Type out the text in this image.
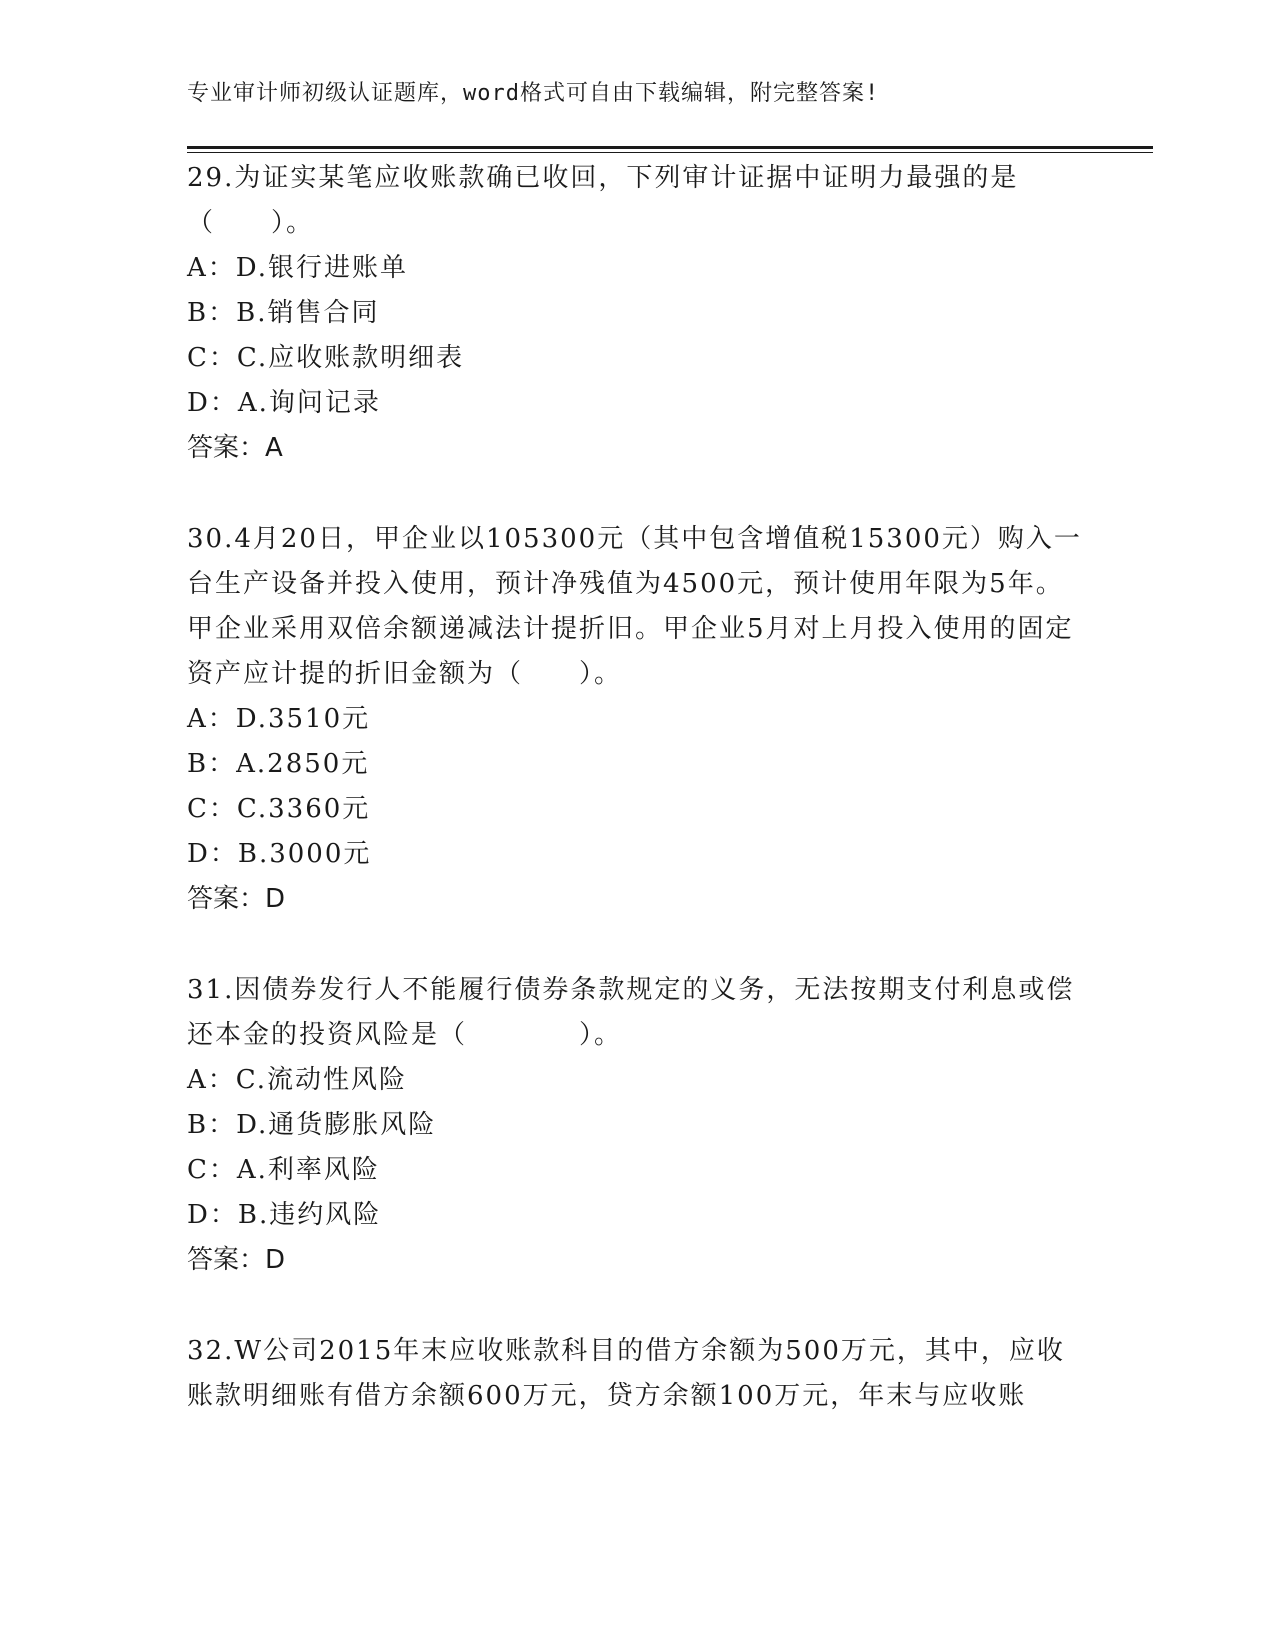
专业审计师初级认证题库，word格式可自由下载编辑，附完整答案!

29.为证实某笔应收账款确已收回，下列审计证据中证明力最强的是（　　）。

A：D.银行进账单

B：B.销售合同

C：C.应收账款明细表

D：A.询问记录

答案：A

30.4月20日，甲企业以105300元（其中包含增值税15300元）购入一台生产设备并投入使用，预计净残值为4500元，预计使用年限为5年。甲企业采用双倍余额递减法计提折旧。甲企业5月对上月投入使用的固定资产应计提的折旧金额为（　　）。

A：D.3510元

B：A.2850元

C：C.3360元

D：B.3000元

答案：D

31.因债券发行人不能履行债券条款规定的义务，无法按期支付利息或偿还本金的投资风险是（　　　　）。

A：C.流动性风险

B：D.通货膨胀风险

C：A.利率风险

D：B.违约风险

答案：D

32.W公司2015年末应收账款科目的借方余额为500万元，其中，应收账款明细账有借方余额600万元，贷方余额100万元，年末与应收账
